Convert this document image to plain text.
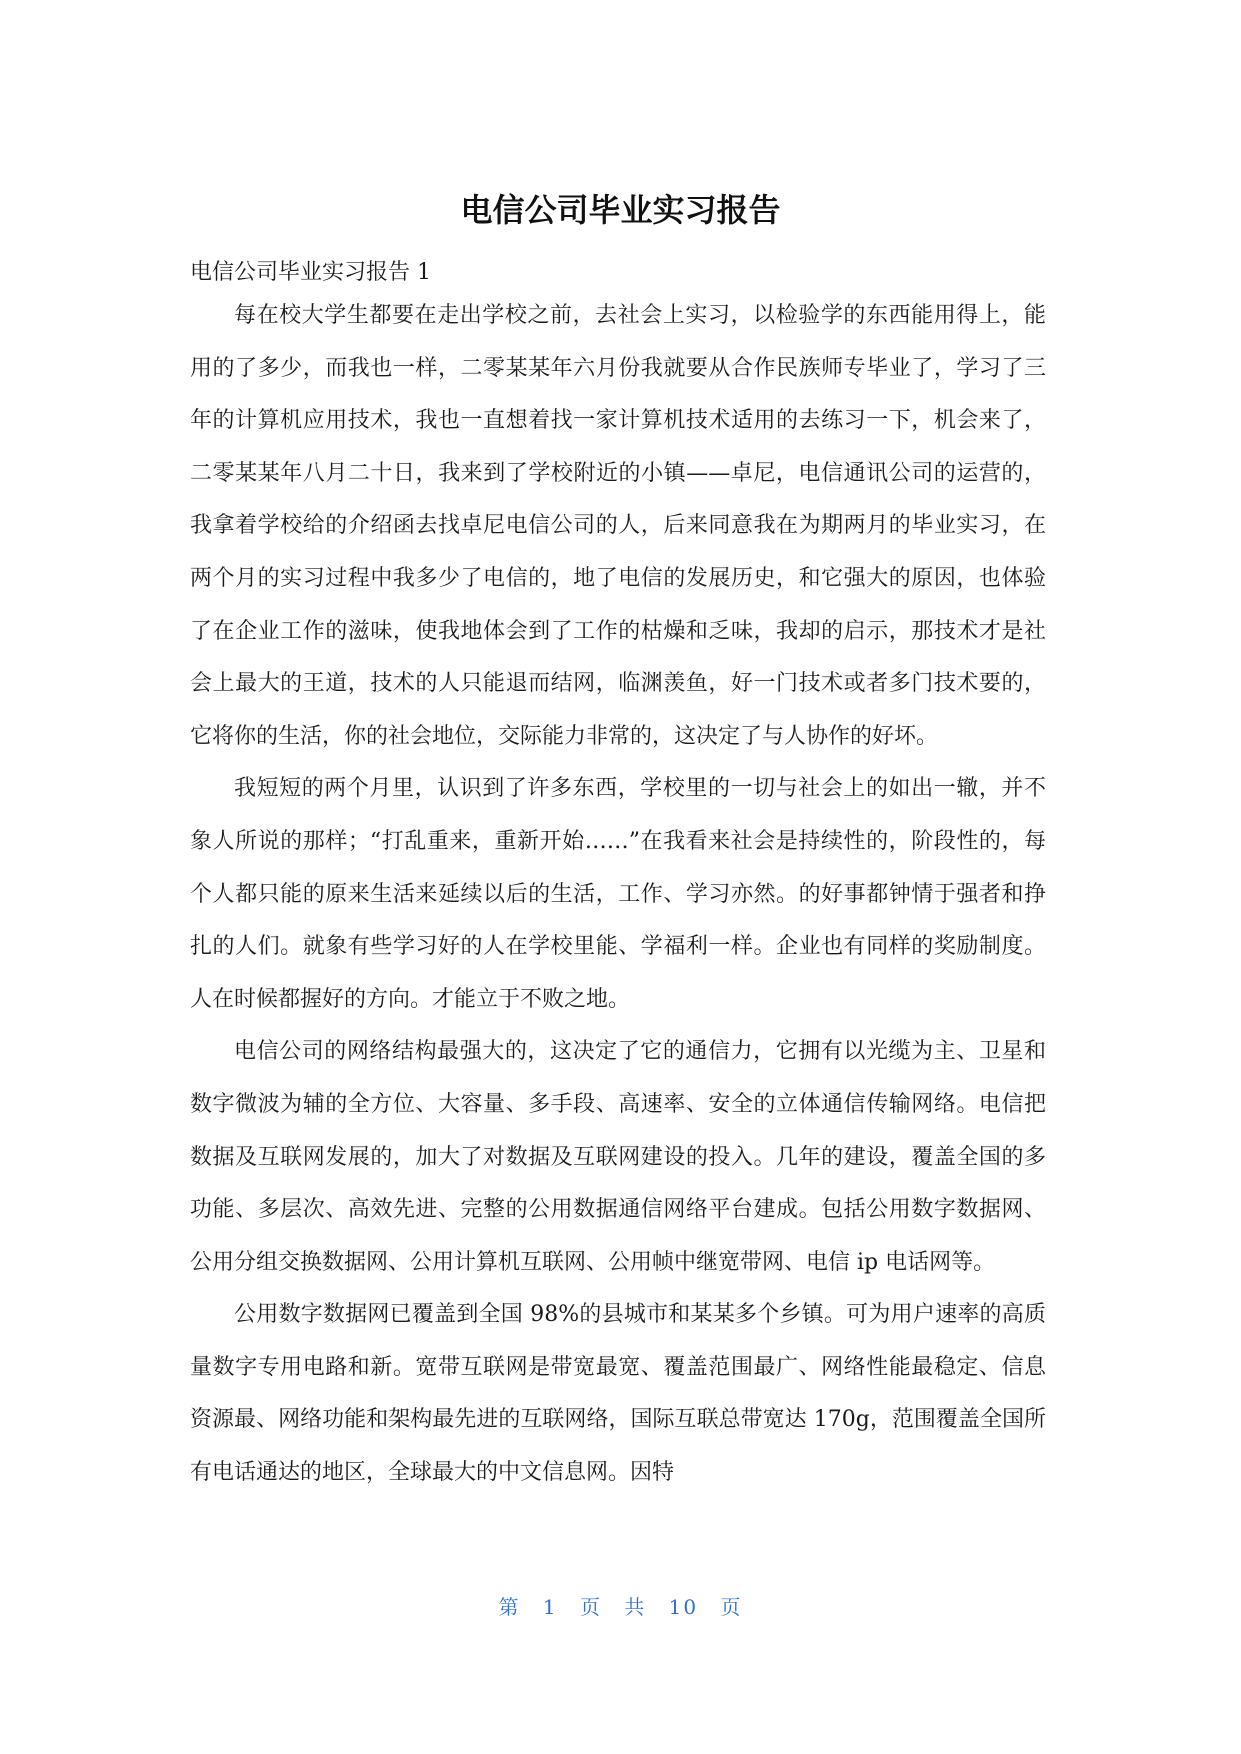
电信公司毕业实习报告

电信公司毕业实习报告 1

每在校大学生都要在走出学校之前，去社会上实习，以检验学的东西能用得上，能用的了多少，而我也一样，二零某某年六月份我就要从合作民族师专毕业了，学习了三年的计算机应用技术，我也一直想着找一家计算机技术适用的去练习一下，机会来了，二零某某年八月二十日，我来到了学校附近的小镇——卓尼，电信通讯公司的运营的，我拿着学校给的介绍函去找卓尼电信公司的人，后来同意我在为期两月的毕业实习，在两个月的实习过程中我多少了电信的，地了电信的发展历史，和它强大的原因，也体验了在企业工作的滋味，使我地体会到了工作的枯燥和乏味，我却的启示，那技术才是社会上最大的王道，技术的人只能退而结网，临渊羡鱼，好一门技术或者多门技术要的，它将你的生活，你的社会地位，交际能力非常的，这决定了与人协作的好坏。

我短短的两个月里，认识到了许多东西，学校里的一切与社会上的如出一辙，并不象人所说的那样；“打乱重来，重新开始……”在我看来社会是持续性的，阶段性的，每个人都只能的原来生活来延续以后的生活，工作、学习亦然。的好事都钟情于强者和挣扎的人们。就象有些学习好的人在学校里能、学福利一样。企业也有同样的奖励制度。人在时候都握好的方向。才能立于不败之地。

电信公司的网络结构最强大的，这决定了它的通信力，它拥有以光缆为主、卫星和数字微波为辅的全方位、大容量、多手段、高速率、安全的立体通信传输网络。电信把数据及互联网发展的，加大了对数据及互联网建设的投入。几年的建设，覆盖全国的多功能、多层次、高效先进、完整的公用数据通信网络平台建成。包括公用数字数据网、公用分组交换数据网、公用计算机互联网、公用帧中继宽带网、电信 ip 电话网等。

公用数字数据网已覆盖到全国 98%的县城市和某某多个乡镇。可为用户速率的高质量数字专用电路和新。宽带互联网是带宽最宽、覆盖范围最广、网络性能最稳定、信息资源最、网络功能和架构最先进的互联网络，国际互联总带宽达 170g，范围覆盖全国所有电话通达的地区，全球最大的中文信息网。因特

第 1 页 共 10 页
